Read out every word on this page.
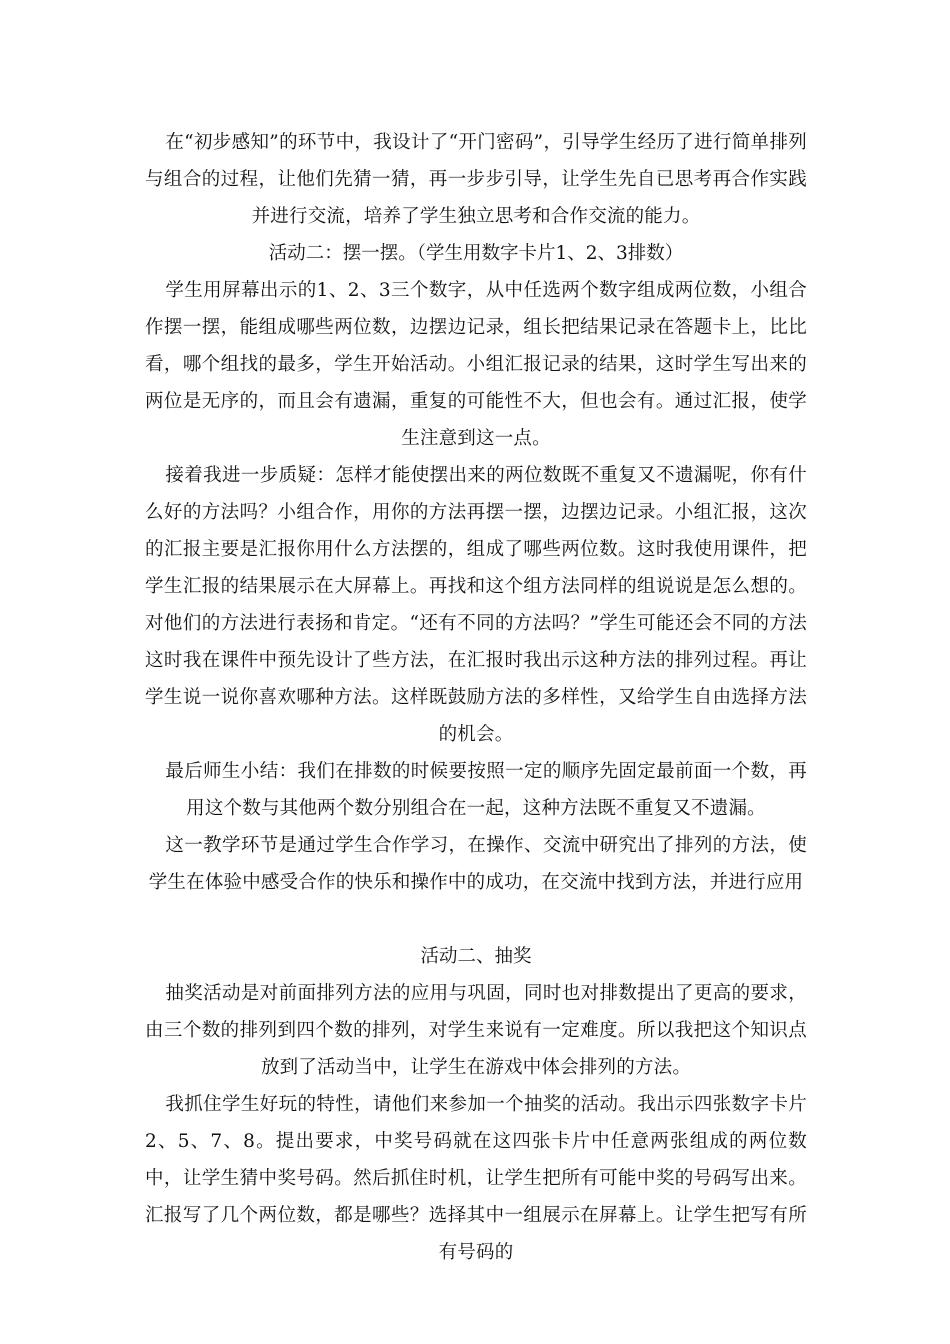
在“初步感知”的环节中，我设计了“开门密码”，引导学生经历了进行简单排列与组合的过程，让他们先猜一猜，再一步步引导，让学生先自已思考再合作实践并进行交流，培养了学生独立思考和合作交流的能力。

活动二：摆一摆。（学生用数字卡片1、2、3排数）

学生用屏幕出示的1、2、3三个数字，从中任选两个数字组成两位数，小组合作摆一摆，能组成哪些两位数，边摆边记录，组长把结果记录在答题卡上，比比看，哪个组找的最多，学生开始活动。小组汇报记录的结果，这时学生写出来的两位是无序的，而且会有遗漏，重复的可能性不大，但也会有。通过汇报，使学生注意到这一点。

接着我进一步质疑：怎样才能使摆出来的两位数既不重复又不遗漏呢，你有什么好的方法吗？小组合作，用你的方法再摆一摆，边摆边记录。小组汇报，这次的汇报主要是汇报你用什么方法摆的，组成了哪些两位数。这时我使用课件，把学生汇报的结果展示在大屏幕上。再找和这个组方法同样的组说说是怎么想的。对他们的方法进行表扬和肯定。“还有不同的方法吗？”学生可能还会不同的方法这时我在课件中预先设计了些方法，在汇报时我出示这种方法的排列过程。再让学生说一说你喜欢哪种方法。这样既鼓励方法的多样性，又给学生自由选择方法的机会。

最后师生小结：我们在排数的时候要按照一定的顺序先固定最前面一个数，再用这个数与其他两个数分别组合在一起，这种方法既不重复又不遗漏。

这一教学环节是通过学生合作学习，在操作、交流中研究出了排列的方法，使学生在体验中感受合作的快乐和操作中的成功，在交流中找到方法，并进行应用

活动二、抽奖

抽奖活动是对前面排列方法的应用与巩固，同时也对排数提出了更高的要求，由三个数的排列到四个数的排列，对学生来说有一定难度。所以我把这个知识点放到了活动当中，让学生在游戏中体会排列的方法。

我抓住学生好玩的特性，请他们来参加一个抽奖的活动。我出示四张数字卡片2、5、7、8。提出要求，中奖号码就在这四张卡片中任意两张组成的两位数中，让学生猜中奖号码。然后抓住时机，让学生把所有可能中奖的号码写出来。汇报写了几个两位数，都是哪些？选择其中一组展示在屏幕上。让学生把写有所有号码的
